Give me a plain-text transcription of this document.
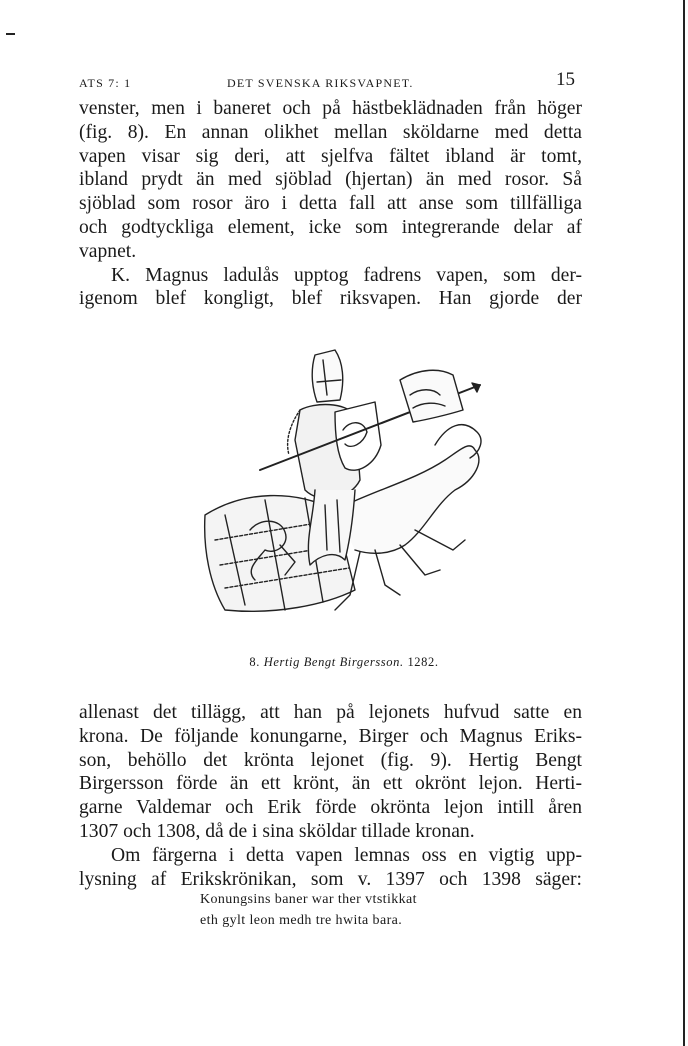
ATS 7: 1	DET SVENSKA RIKSVAPNET.	15

venster, men i baneret och på hästbeklädnaden från höger
(fig. 8). En annan olikhet mellan sköldarne med detta
vapen visar sig deri, att sjelfva fältet ibland är tomt,
ibland prydt än med sjöblad (hjertan) än med rosor. Så
sjöblad som rosor äro i detta fall att anse som tillfälliga
och godtyckliga element, icke som integrerande delar af
vapnet.
K. Magnus ladulås upptog fadrens vapen, som der-
igenom blef kongligt, blef riksvapen. Han gjorde der

8. Hertig Bengt Birgersson. 1282.

allenast det tillägg, att han på lejonets hufvud satte en
krona. De följande konungarne, Birger och Magnus Eriks-
son, behöllo det krönta lejonet (fig. 9). Hertig Bengt
Birgersson förde än ett krönt, än ett okrönt lejon. Herti-
garne Valdemar och Erik förde okrönta lejon intill åren
1307 och 1308, då de i sina sköldar tillade kronan.
Om färgerna i detta vapen lemnas oss en vigtig upp-
lysning af Erikskrönikan, som v. 1397 och 1398 säger:

Konungsins baner war ther vtstikkat
eth gylt leon medh tre hwita bara.
